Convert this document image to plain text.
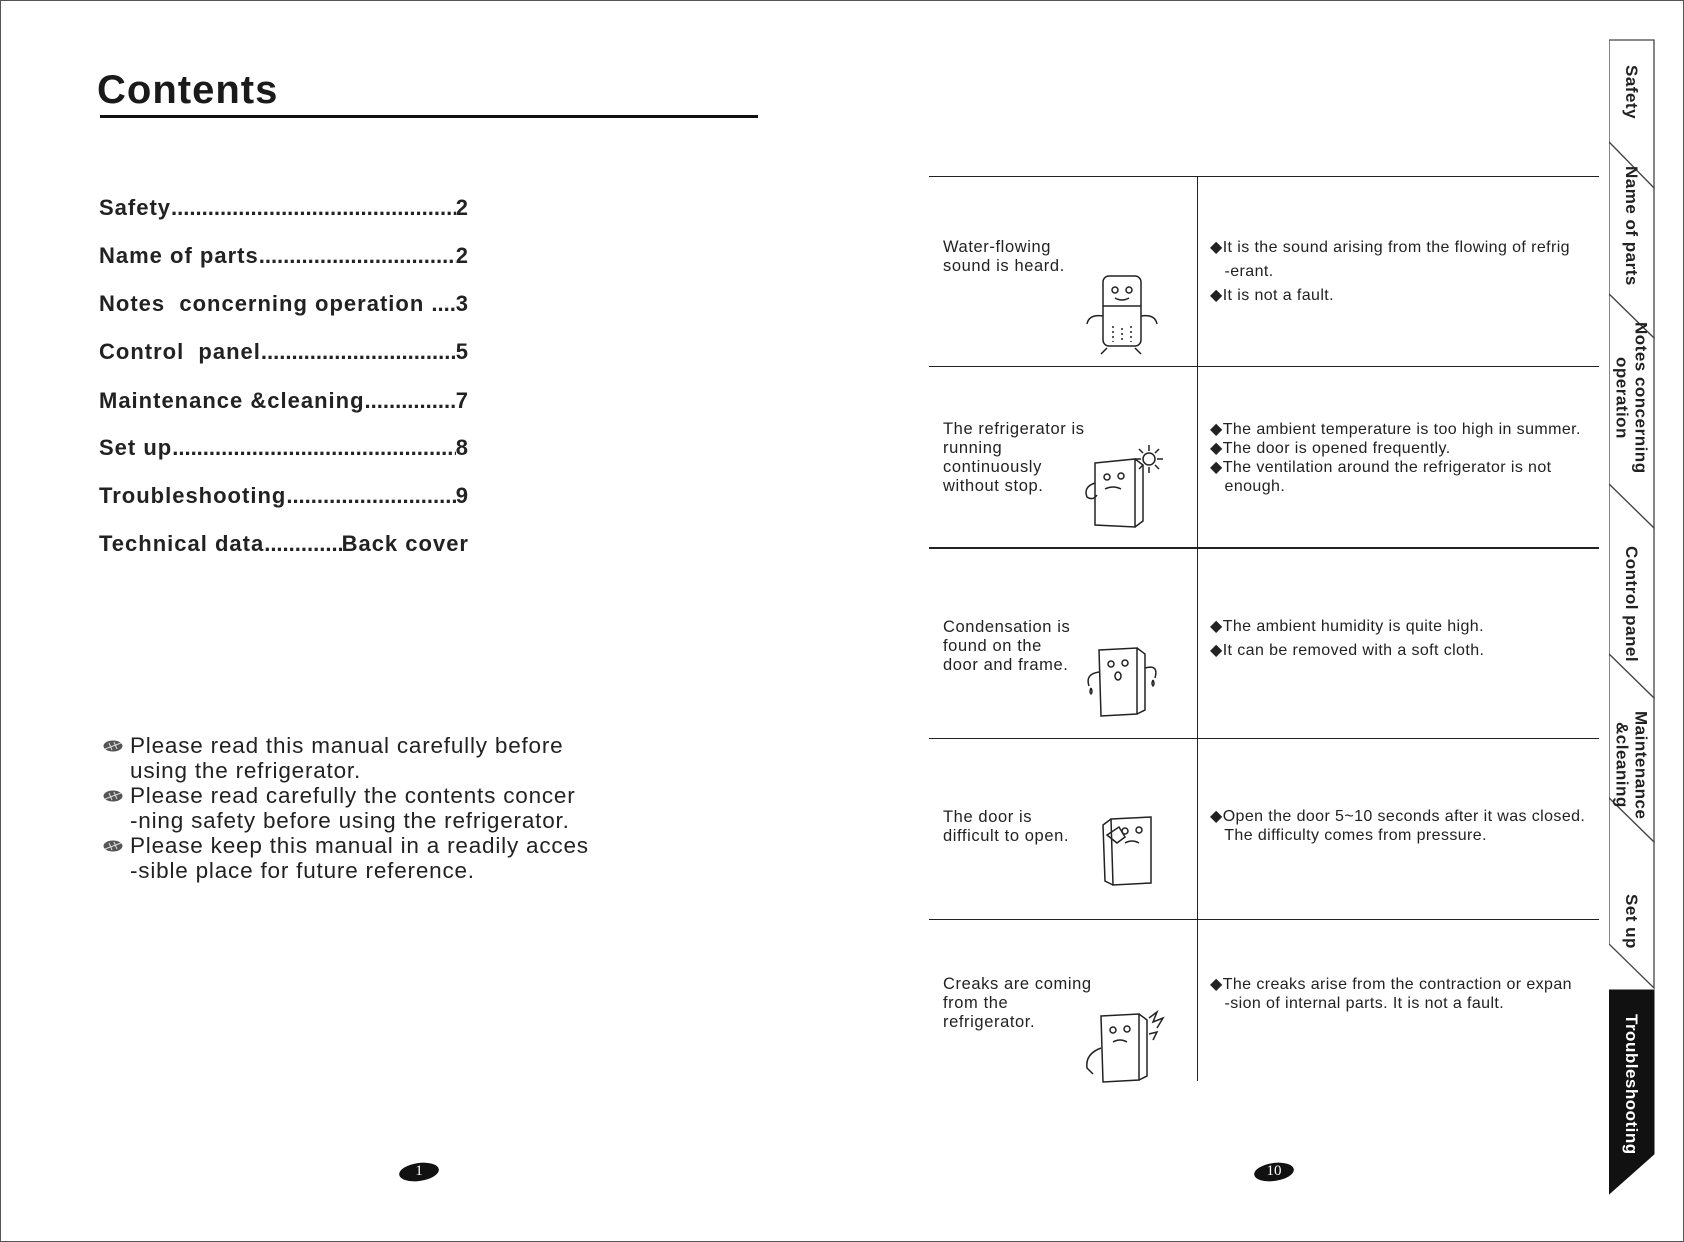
Contents
Safety .....	2
Name of parts .....	2
Notes  concerning operation ..... 3
Control  panel .....	5
Maintenance &cleaning .....	7
Set up .....	8
Troubleshooting .....	9
Technical data .....	Back cover
Please read this manual carefully before
using the refrigerator.
Please read carefully the contents concer
-ning safety before using the refrigerator.
Please keep this manual in a readily acces
-sible place for future reference.
1
Water-flowing
sound is heard.
◆It is the sound arising from the flowing of refrig
-erant.
◆It is not a fault.
The refrigerator is
running
continuously
without stop.
◆The ambient temperature is too high in summer.
◆The door is opened frequently.
◆The ventilation around the refrigerator is not
enough.
Condensation is
found on the
door and frame.
◆The ambient humidity is quite high.
◆It can be removed with a soft cloth.
The door is
difficult to open.
◆Open the door 5~10 seconds after it was closed.
The difficulty comes from pressure.
Creaks are coming
from the
refrigerator.
◆The creaks arise from the contraction or expan
-sion of internal parts. It is not a fault.
10
Safety
Name of parts
Notes concerning
operation
Control panel
Maintenance
&cleaning
Set up
Troubleshooting
